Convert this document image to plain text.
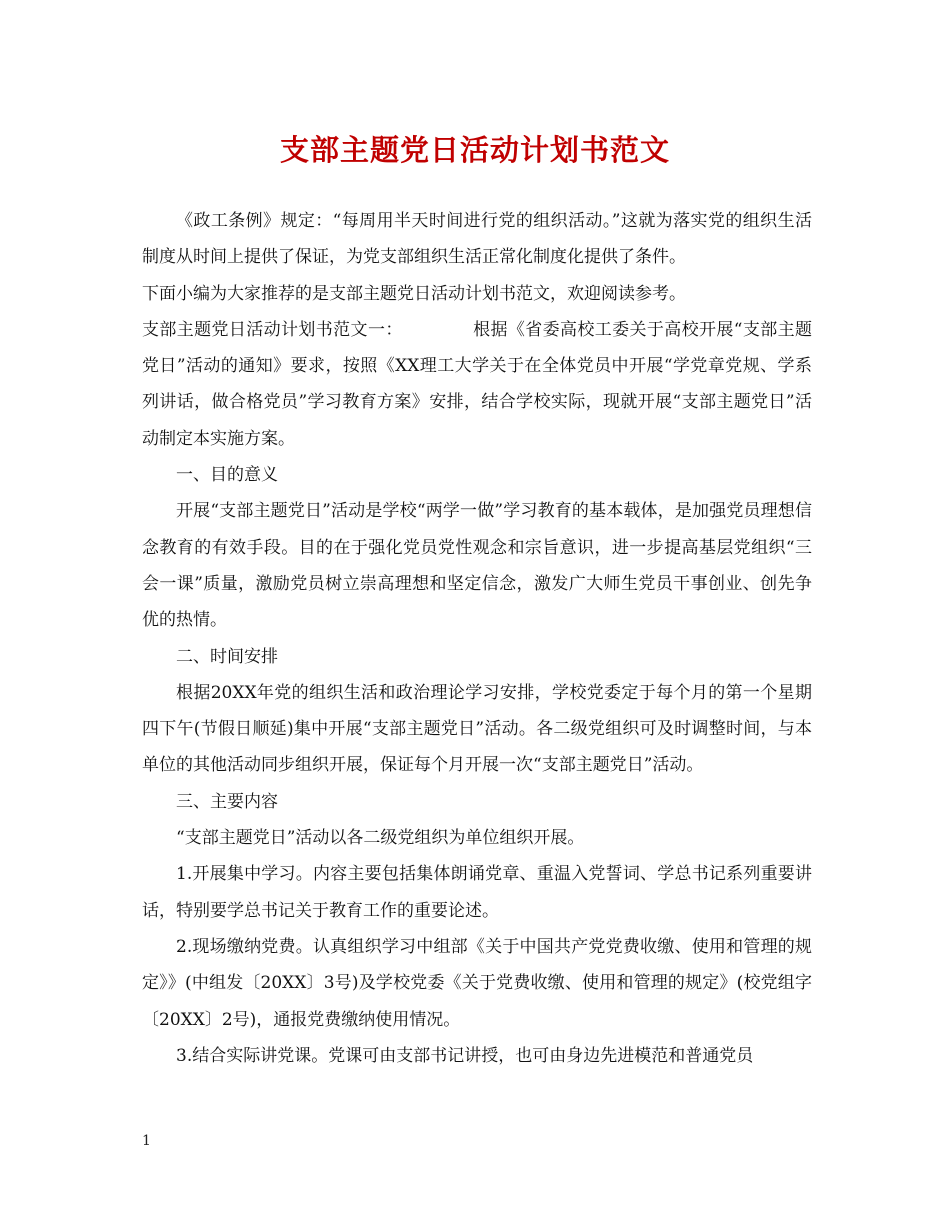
支部主题党日活动计划书范文

《政工条例》规定：“每周用半天时间进行党的组织活动。”这就为落实党的组织生活制度从时间上提供了保证，为党支部组织生活正常化制度化提供了条件。

下面小编为大家推荐的是支部主题党日活动计划书范文，欢迎阅读参考。

支部主题党日活动计划书范文一：	根据《省委高校工委关于高校开展“支部主题党日”活动的通知》要求，按照《XX理工大学关于在全体党员中开展“学党章党规、学系列讲话，做合格党员”学习教育方案》安排，结合学校实际，现就开展“支部主题党日”活动制定本实施方案。

一、目的意义

开展“支部主题党日”活动是学校“两学一做”学习教育的基本载体，是加强党员理想信念教育的有效手段。目的在于强化党员党性观念和宗旨意识，进一步提高基层党组织“三会一课”质量，激励党员树立崇高理想和坚定信念，激发广大师生党员干事创业、创先争优的热情。

二、时间安排

根据20XX年党的组织生活和政治理论学习安排，学校党委定于每个月的第一个星期四下午(节假日顺延)集中开展“支部主题党日”活动。各二级党组织可及时调整时间，与本单位的其他活动同步组织开展，保证每个月开展一次“支部主题党日”活动。

三、主要内容

“支部主题党日”活动以各二级党组织为单位组织开展。

1.开展集中学习。内容主要包括集体朗诵党章、重温入党誓词、学总书记系列重要讲话，特别要学总书记关于教育工作的重要论述。

2.现场缴纳党费。认真组织学习中组部《关于中国共产党党费收缴、使用和管理的规定》》(中组发〔20XX〕3号)及学校党委《关于党费收缴、使用和管理的规定》(校党组字〔20XX〕2号)，通报党费缴纳使用情况。

3.结合实际讲党课。党课可由支部书记讲授，也可由身边先进模范和普通党员

1
